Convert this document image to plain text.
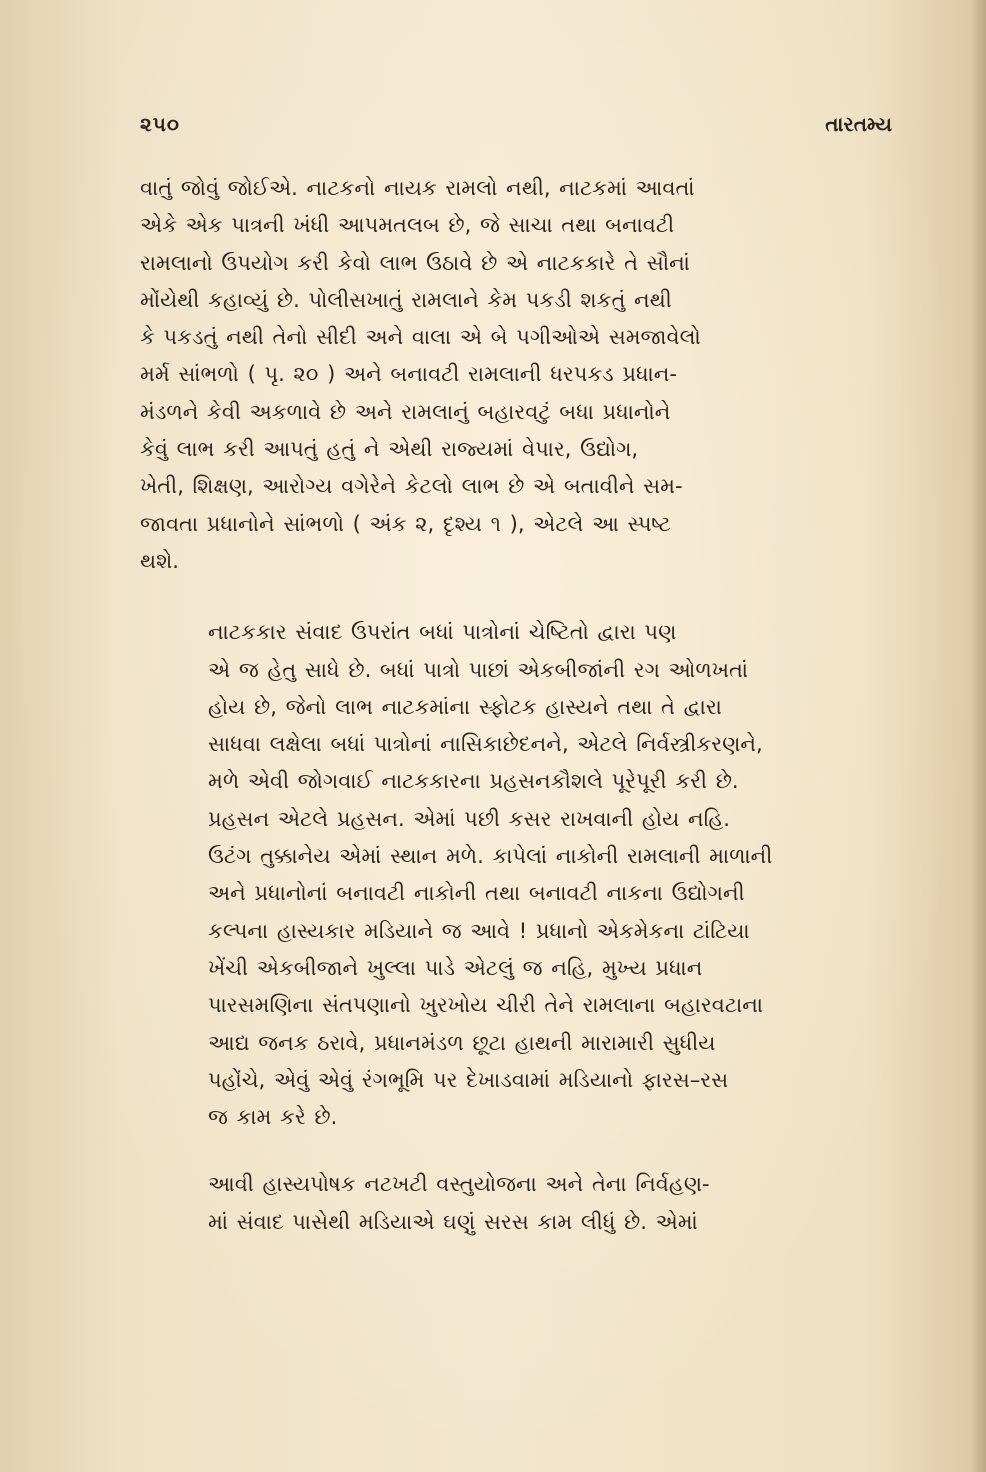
૨૫૦	તારતમ્ય

વાતું જોવું જોઈએ. નાટકનો નાયક રામલો નથી, નાટકમાં આવતાં
એકે એક પાત્રની ખંધી આપમતલબ છે, જે સાચા તથા બનાવટી
રામલાનો ઉપયોગ કરી કેવો લાભ ઉઠાવે છે એ નાટકકારે તે સૌનાં
મોંયેથી કહાવ્યું છે. પોલીસખાતું રામલાને કેમ પકડી શકતું નથી
કે પકડતું નથી તેનો સીદી અને વાલા એ બે પગીઓએ સમજાવેલો
મર્મ સાંભળો ( પૃ. ૨૦ ) અને બનાવટી રામલાની ધરપકડ પ્રધાન-
મંડળને કેવી અકળાવે છે અને રામલાનું બહારવટું બધા પ્રધાનોને
કેવું લાભ કરી આપતું હતું ને એથી રાજ્યમાં વેપાર, ઉદ્યોગ,
ખેતી, શિક્ષણ, આરોગ્ય વગેરેને કેટલો લાભ છે એ બતાવીને સમ-
જાવતા પ્રધાનોને સાંભળો ( અંક ૨, દૃશ્ય ૧ ), એટલે આ સ્પષ્ટ
થશે.

નાટકકાર સંવાદ ઉપરાંત બધાં પાત્રોનાં ચેષ્ટિતો દ્વારા પણ
એ જ હેતુ સાધે છે. બધાં પાત્રો પાછાં એકબીજાંની રગ ઓળખતાં
હોય છે, જેનો લાભ નાટકમાંના સ્ફોટક હાસ્યને તથા તે દ્વારા
સાધવા લક્ષેલા બધાં પાત્રોનાં નાસિકાછેદનને, એટલે નિર્વસ્ત્રીકરણને,
મળે એવી જોગવાઈ નાટકકારના પ્રહસનકૌશલે પૂરેપૂરી કરી છે.
પ્રહસન એટલે પ્રહસન. એમાં પછી કસર રાખવાની હોય નહિ.
ઉટંગ તુક્કાનેય એમાં સ્થાન મળે. કાપેલાં નાકોની રામલાની માળાની
અને પ્રધાનોનાં બનાવટી નાકોની તથા બનાવટી નાકના ઉદ્યોગની
કલ્પના હાસ્યકાર મડિયાને જ આવે ! પ્રધાનો એકમેકના ટાંટિયા
ખેંચી એકબીજાને ખુલ્લા પાડે એટલું જ નહિ, મુખ્ય પ્રધાન
પારસમણિના સંતપણાનો ખુરખોય ચીરી તેને રામલાના બહારવટાના
આદ્ય જનક ઠરાવે, પ્રધાનમંડળ છૂટા હાથની મારામારી સુધીય
પહોંચે, એવું એવું રંગભૂમિ પર દેખાડવામાં મડિયાનો ફારસ–રસ
જ કામ કરે છે.

આવી હાસ્યપોષક નટખટી વસ્તુયોજના અને તેના નિર્વહણ-
માં સંવાદ પાસેથી મડિયાએ ઘણું સરસ કામ લીધું છે. એમાં
